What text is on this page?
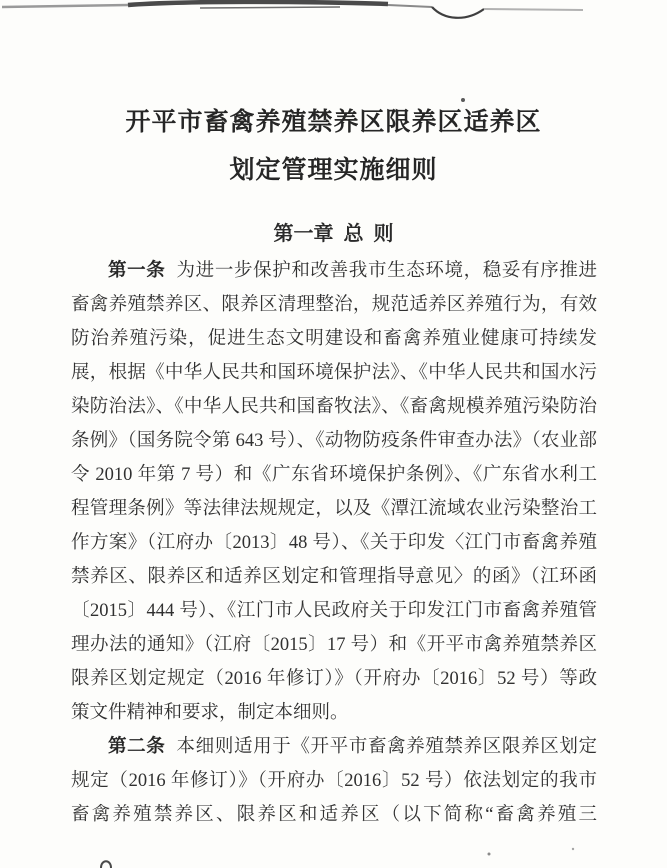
开平市畜禽养殖禁养区限养区适养区
划定管理实施细则
第一章  总  则
第一条 为进一步保护和改善我市生态环境，稳妥有序推进
畜禽养殖禁养区、限养区清理整治，规范适养区养殖行为，有效
防治养殖污染，促进生态文明建设和畜禽养殖业健康可持续发
展，根据《中华人民共和国环境保护法》、《中华人民共和国水污
染防治法》、《中华人民共和国畜牧法》、《畜禽规模养殖污染防治
条例》（国务院令第 643 号）、《动物防疫条件审查办法》（农业部
令 2010 年第 7 号）和《广东省环境保护条例》、《广东省水利工
程管理条例》等法律法规规定，以及《潭江流域农业污染整治工
作方案》（江府办〔2013〕48 号）、《关于印发〈江门市畜禽养殖
禁养区、限养区和适养区划定和管理指导意见〉的函》（江环函
〔2015〕444 号）、《江门市人民政府关于印发江门市畜禽养殖管
理办法的通知》（江府〔2015〕17 号）和《开平市禽养殖禁养区
限养区划定规定（2016 年修订）》（开府办〔2016〕52 号）等政
策文件精神和要求，制定本细则。
第二条 本细则适用于《开平市畜禽养殖禁养区限养区划定
规定（2016 年修订）》（开府办〔2016〕52 号）依法划定的我市
畜禽养殖禁养区、限养区和适养区（以下简称“畜禽养殖三
